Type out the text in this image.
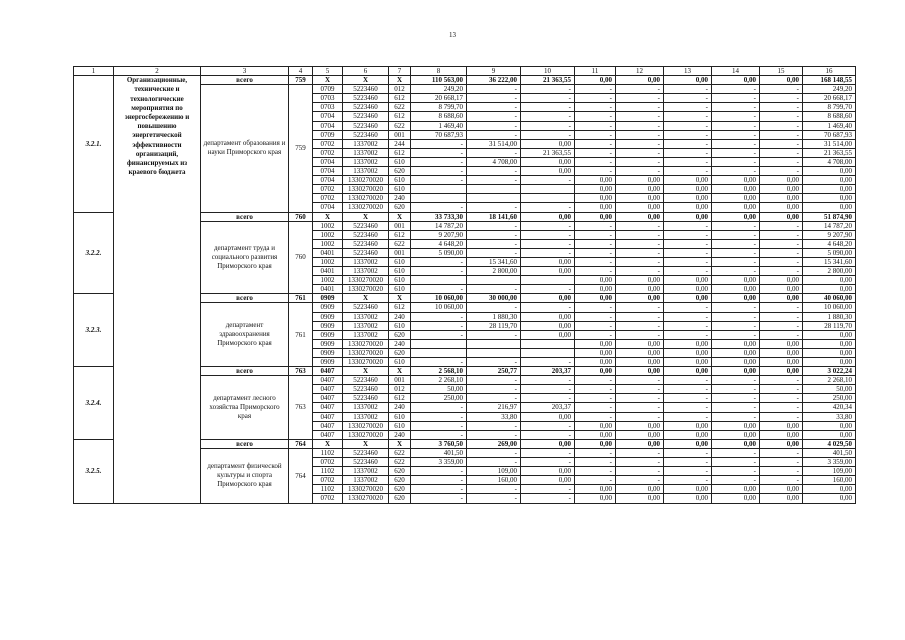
13
1	2	3	4	5	6	7	8	9	10	11	12	13	14	15	16
3.2.1.	Организационные, технические и технологические мероприятия по энергосбережению и повышению энергетической эффективности организаций, финансируемых из краевого бюджета	всего	759	X	X	X	110 563,00	36 222,00	21 363,55	0,00	0,00	0,00	0,00	0,00	168 148,55
		департамент образования и науки Приморского края	759	0709	5223460	012	249,20	-	-	-	-	-	-	-	249,20
				0703	5223460	612	20 668,17	-	-	-	-	-	-	-	20 668,17
				0703	5223460	622	8 799,70	-	-	-	-	-	-	-	8 799,70
				0704	5223460	612	8 688,60	-	-	-	-	-	-	-	8 688,60
				0704	5223460	622	1 469,40	-	-	-	-	-	-	-	1 469,40
				0709	5223460	001	70 687,93	-	-	-	-	-	-	-	70 687,93
				0702	1337002	244	-	31 514,00	0,00	-	-	-	-	-	31 514,00
				0702	1337002	612	-	-	21 363,55	-	-	-	-	-	21 363,55
				0704	1337002	610	-	4 708,00	0,00	-	-	-	-	-	4 708,00
				0704	1337002	620	-	-	0,00	-	-	-	-	-	0,00
				0704	1330270020	610	-	-	-	0,00	0,00	0,00	0,00	0,00	0,00
				0702	1330270020	610				0,00	0,00	0,00	0,00	0,00	0,00
				0702	1330270020	240				0,00	0,00	0,00	0,00	0,00	0,00
				0704	1330270020	620	-	-	-	0,00	0,00	0,00	0,00	0,00	0,00
3.2.2.		всего	760	X	X	X	33 733,30	18 141,60	0,00	0,00	0,00	0,00	0,00	0,00	51 874,90
		департамент труда и социального развития Приморского края	760	1002	5223460	001	14 787,20	-	-	-	-	-	-	-	14 787,20
				1002	5223460	612	9 207,90	-	-	-	-	-	-	-	9 207,90
				1002	5223460	622	4 648,20	-	-	-	-	-	-	-	4 648,20
				0401	5223460	001	5 090,00	-	-	-	-	-	-	-	5 090,00
				1002	1337002	610	-	15 341,60	0,00	-	-	-	-	-	15 341,60
				0401	1337002	610	-	2 800,00	0,00	-	-	-	-	-	2 800,00
				1002	1330270020	610				0,00	0,00	0,00	0,00	0,00	0,00
				0401	1330270020	610	-	-	-	0,00	0,00	0,00	0,00	0,00	0,00
3.2.3.		всего	761	0909	X	X	10 060,00	30 000,00	0,00	0,00	0,00	0,00	0,00	0,00	40 060,00
		департамент здравоохранения Приморского края	761	0909	5223460	612	10 060,00	-	-	-	-	-	-	-	10 060,00
				0909	1337002	240	-	1 880,30	0,00	-	-	-	-	-	1 880,30
				0909	1337002	610	-	28 119,70	0,00	-	-	-	-	-	28 119,70
				0909	1337002	620	-	-	0,00	-	-	-	-	-	0,00
				0909	1330270020	240				0,00	0,00	0,00	0,00	0,00	0,00
				0909	1330270020	620				0,00	0,00	0,00	0,00	0,00	0,00
				0909	1330270020	610	-	-	-	0,00	0,00	0,00	0,00	0,00	0,00
3.2.4.		всего	763	0407	X	X	2 568,10	250,77	203,37	0,00	0,00	0,00	0,00	0,00	3 022,24
		департамент лесного хозяйства Приморского края	763	0407	5223460	001	2 268,10	-	-	-	-	-	-	-	2 268,10
				0407	5223460	012	50,00	-	-	-	-	-	-	-	50,00
				0407	5223460	612	250,00	-	-	-	-	-	-	-	250,00
				0407	1337002	240	-	216,97	203,37	-	-	-	-	-	420,34
				0407	1337002	610	-	33,80	0,00	-	-	-	-	-	33,80
				0407	1330270020	610	-	-	-	0,00	0,00	0,00	0,00	0,00	0,00
				0407	1330270020	240	-	-	-	0,00	0,00	0,00	0,00	0,00	0,00
3.2.5.		всего	764	X	X	X	3 760,50	269,00	0,00	0,00	0,00	0,00	0,00	0,00	4 029,50
		департамент физической культуры и спорта Приморского края	764	1102	5223460	622	401,50	-	-	-	-	-	-	-	401,50
				0702	5223460	622	3 359,00	-	-	-	-	-	-	-	3 359,00
				1102	1337002	620	-	109,00	0,00	-	-	-	-	-	109,00
				0702	1337002	620	-	160,00	0,00	-	-	-	-	-	160,00
				1102	1330270020	620	-	-	-	0,00	0,00	0,00	0,00	0,00	0,00
				0702	1330270020	620	-	-	-	0,00	0,00	0,00	0,00	0,00	0,00
